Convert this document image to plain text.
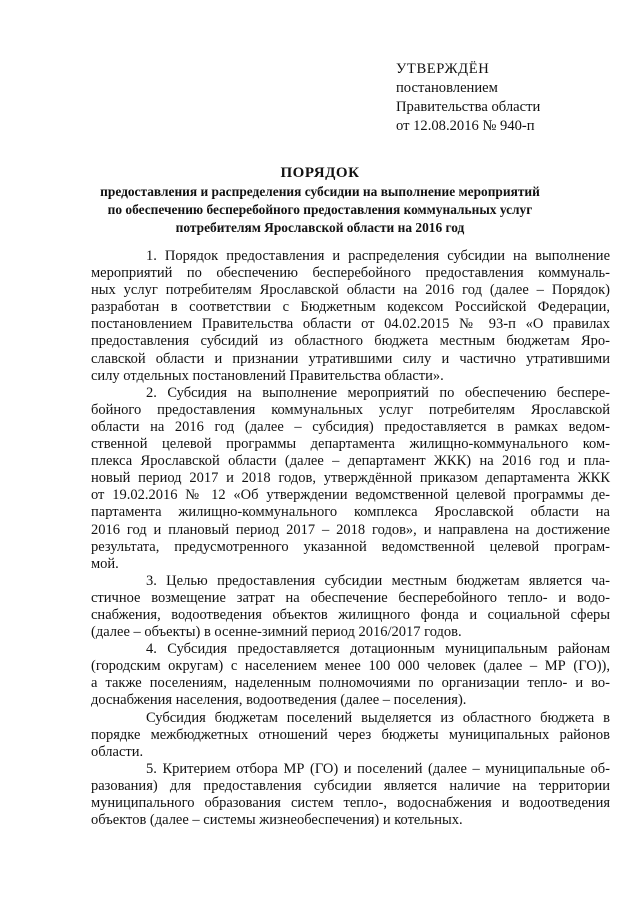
УТВЕРЖДЁН
постановлением
Правительства области
от 12.08.2016 № 940-п
ПОРЯДОК
предоставления и распределения субсидии на выполнение мероприятий
по обеспечению бесперебойного предоставления коммунальных услуг
потребителям Ярославской области на 2016 год

1. Порядок предоставления и распределения субсидии на выполнение
мероприятий по обеспечению бесперебойного предоставления коммуналь-
ных услуг потребителям Ярославской области на 2016 год (далее – Порядок)
разработан в соответствии с Бюджетным кодексом Российской Федерации,
постановлением Правительства области от 04.02.2015 № 93-п «О правилах
предоставления субсидий из областного бюджета местным бюджетам Яро-
славской области и признании утратившими силу и частично утратившими
силу отдельных постановлений Правительства области».

2. Субсидия на выполнение мероприятий по обеспечению беспере-
бойного предоставления коммунальных услуг потребителям Ярославской
области на 2016 год (далее – субсидия) предоставляется в рамках ведом-
ственной целевой программы департамента жилищно-коммунального ком-
плекса Ярославской области (далее – департамент ЖКК) на 2016 год и пла-
новый период 2017 и 2018 годов, утверждённой приказом департамента ЖКК
от 19.02.2016 № 12 «Об утверждении ведомственной целевой программы де-
партамента жилищно-коммунального комплекса Ярославской области на
2016 год и плановый период 2017 – 2018 годов», и направлена на достижение
результата, предусмотренного указанной ведомственной целевой програм-
мой.

3. Целью предоставления субсидии местным бюджетам является ча-
стичное возмещение затрат на обеспечение бесперебойного тепло- и водо-
снабжения, водоотведения объектов жилищного фонда и социальной сферы
(далее – объекты) в осенне-зимний период 2016/2017 годов.

4. Субсидия предоставляется дотационным муниципальным районам
(городским округам) с населением менее 100 000 человек (далее – МР (ГО)),
а также поселениям, наделенным полномочиями по организации тепло- и во-
доснабжения населения, водоотведения (далее – поселения).

Субсидия бюджетам поселений выделяется из областного бюджета в
порядке межбюджетных отношений через бюджеты муниципальных районов
области.

5. Критерием отбора МР (ГО) и поселений (далее – муниципальные об-
разования) для предоставления субсидии является наличие на территории
муниципального образования систем тепло-, водоснабжения и водоотведения
объектов (далее – системы жизнеобеспечения) и котельных.
